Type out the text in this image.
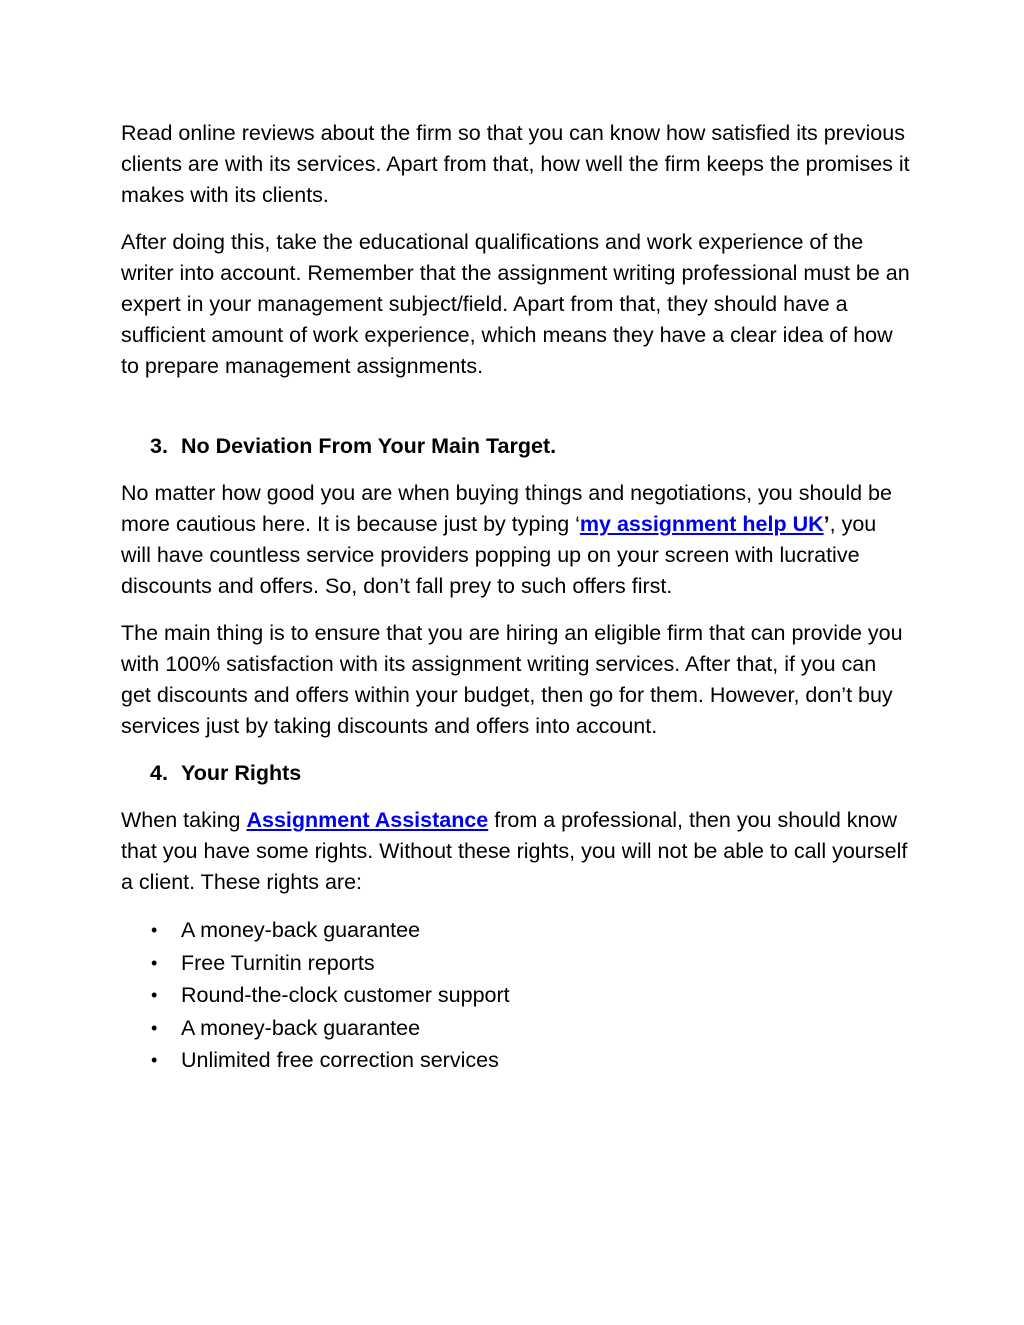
Read online reviews about the firm so that you can know how satisfied its previous clients are with its services. Apart from that, how well the firm keeps the promises it makes with its clients.

After doing this, take the educational qualifications and work experience of the writer into account. Remember that the assignment writing professional must be an expert in your management subject/field. Apart from that, they should have a sufficient amount of work experience, which means they have a clear idea of how to prepare management assignments.

3. No Deviation From Your Main Target.

No matter how good you are when buying things and negotiations, you should be more cautious here. It is because just by typing ‘my assignment help UK’, you will have countless service providers popping up on your screen with lucrative discounts and offers. So, don’t fall prey to such offers first.

The main thing is to ensure that you are hiring an eligible firm that can provide you with 100% satisfaction with its assignment writing services. After that, if you can get discounts and offers within your budget, then go for them. However, don’t buy services just by taking discounts and offers into account.

4. Your Rights

When taking Assignment Assistance from a professional, then you should know that you have some rights. Without these rights, you will not be able to call yourself a client. These rights are:

• A money-back guarantee
• Free Turnitin reports
• Round-the-clock customer support
• A money-back guarantee
• Unlimited free correction services
